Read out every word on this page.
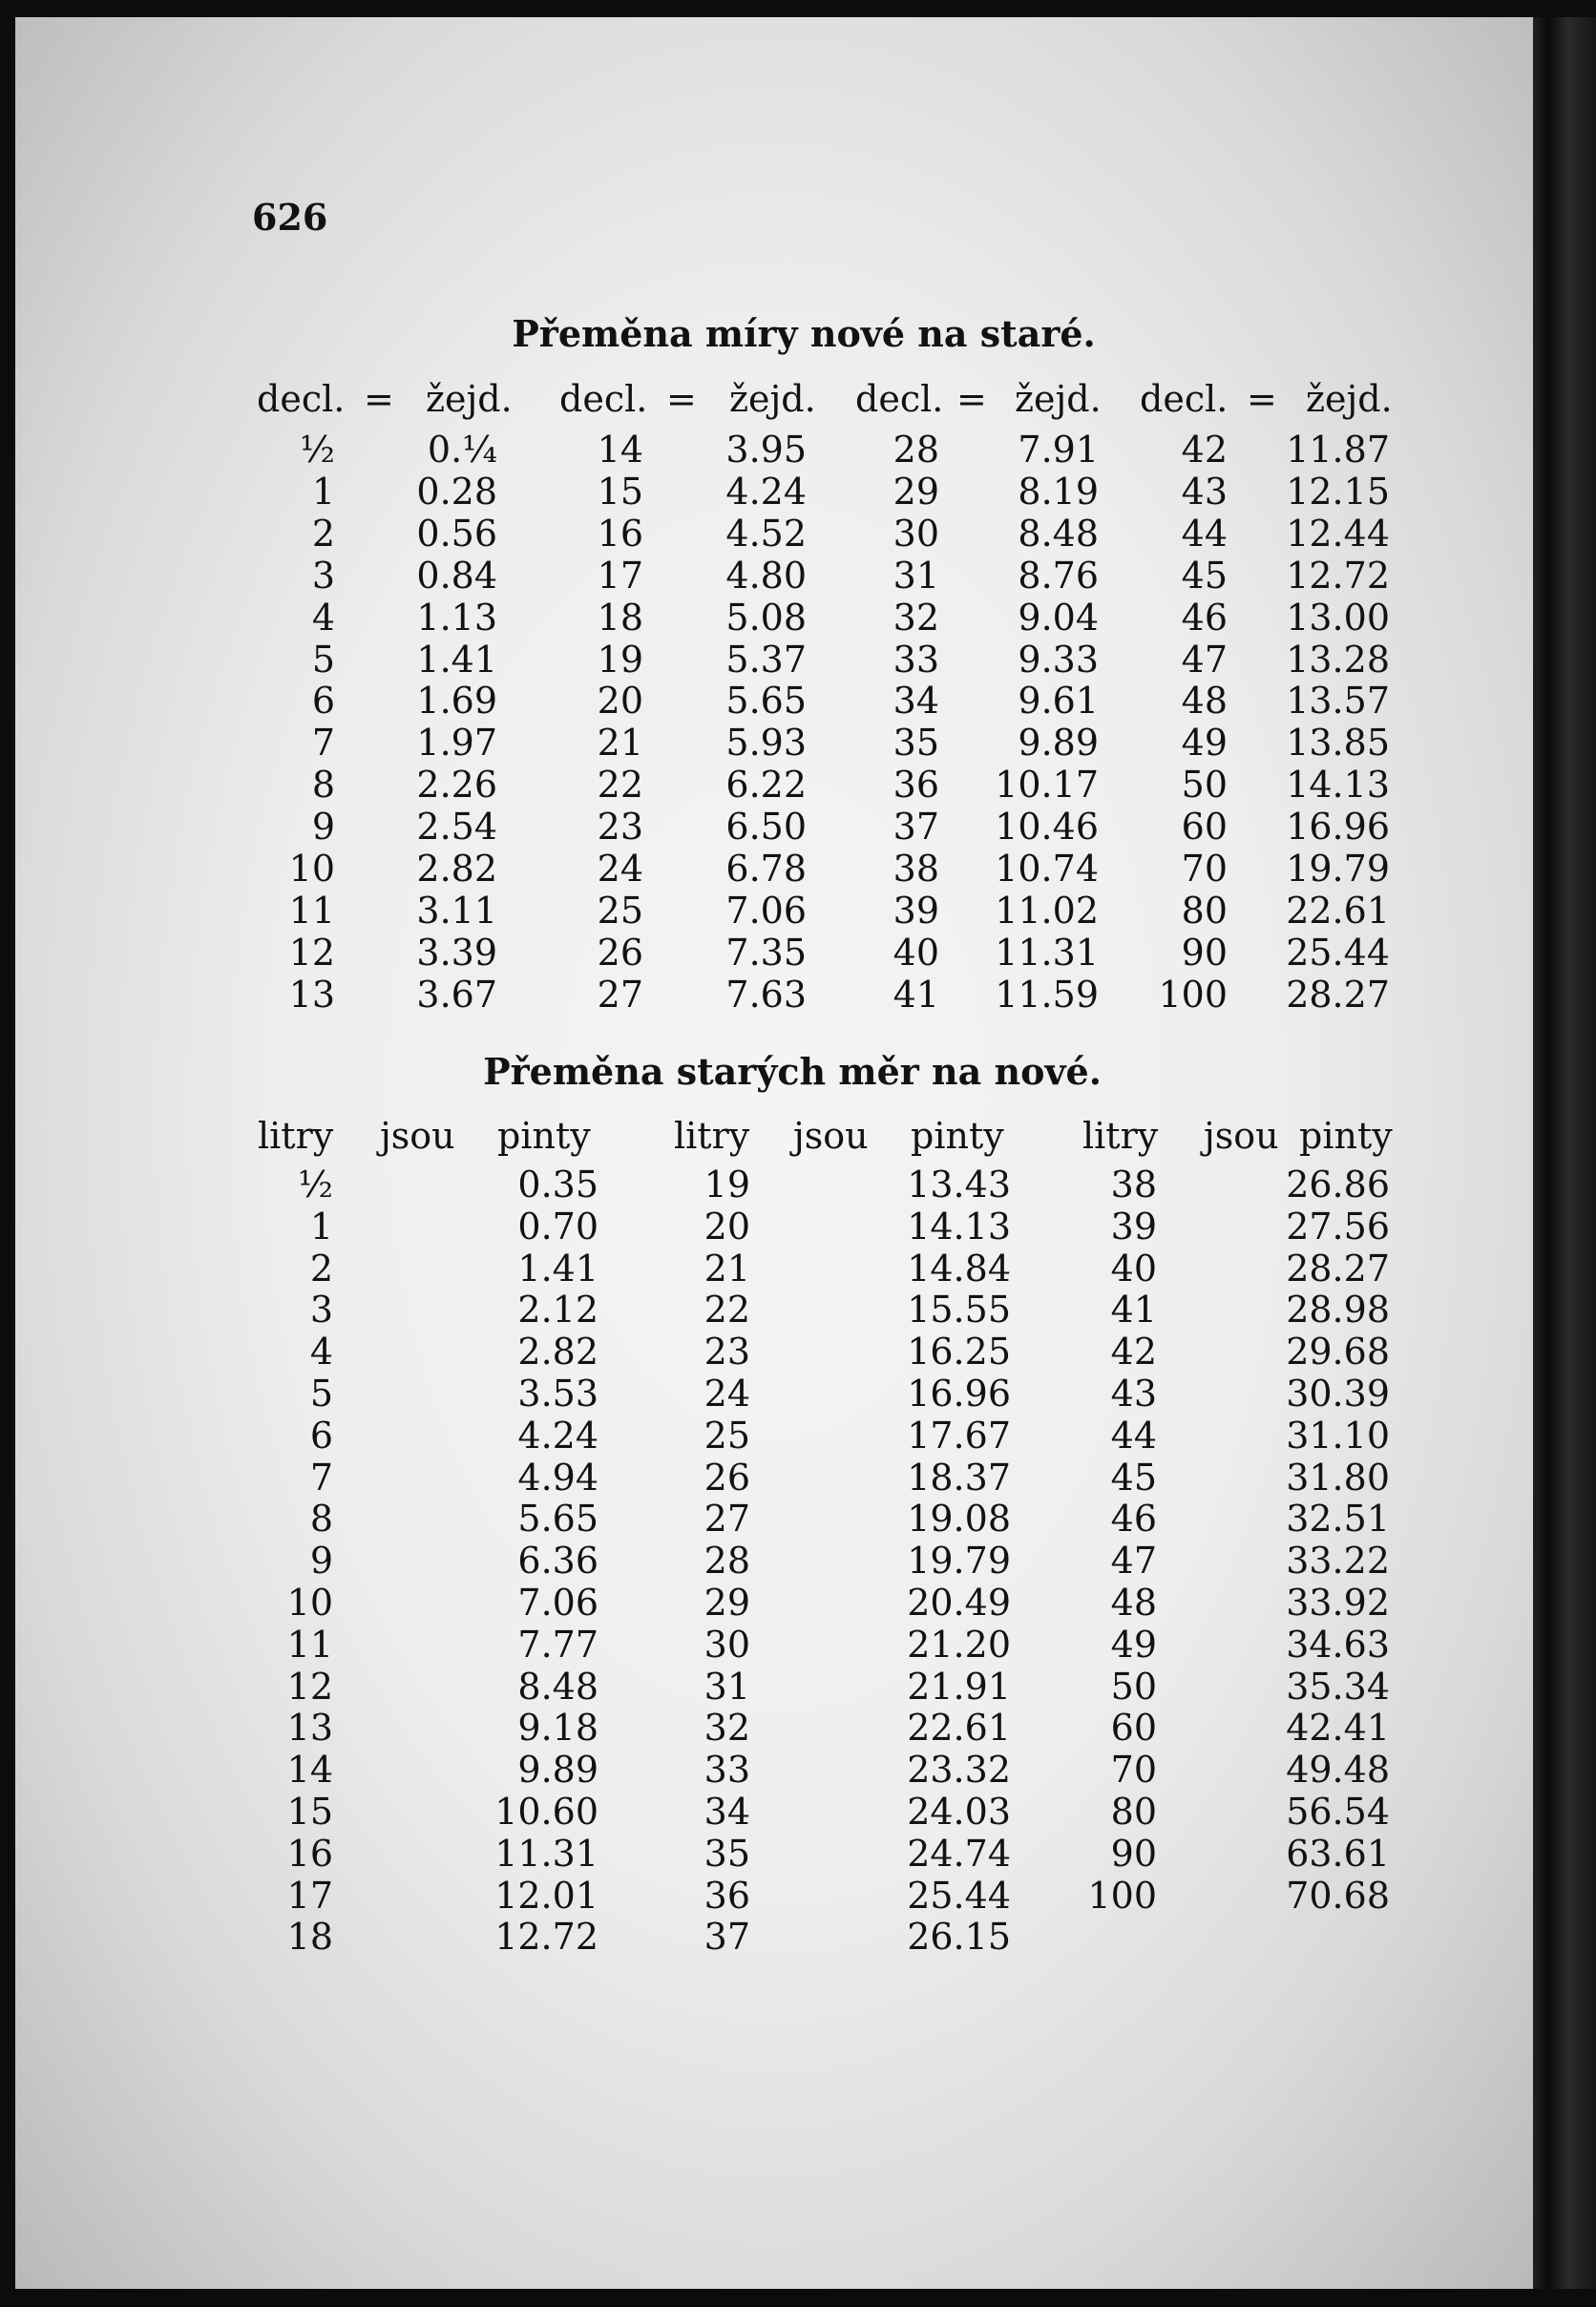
626
Přeměna míry nové na staré.
Přeměna starých měr na nové.
decl. = žejd.
½
1
2
3
4
5
6
7
8
9
10
11
12
13
0.¼
0.28
0.56
0.84
1.13
1.41
1.69
1.97
2.26
2.54
2.82
3.11
3.39
3.67
decl. = žejd.
14
15
16
17
18
19
20
21
22
23
24
25
26
27
3.95
4.24
4.52
4.80
5.08
5.37
5.65
5.93
6.22
6.50
6.78
7.06
7.35
7.63
decl. = žejd.
28
29
30
31
32
33
34
35
36
37
38
39
40
41
7.91
8.19
8.48
8.76
9.04
9.33
9.61
9.89
10.17
10.46
10.74
11.02
11.31
11.59
decl. = žejd.
42
43
44
45
46
47
48
49
50
60
70
80
90
100
11.87
12.15
12.44
12.72
13.00
13.28
13.57
13.85
14.13
16.96
19.79
22.61
25.44
28.27
litry jsou pinty
½
1
2
3
4
5
6
7
8
9
10
11
12
13
14
15
16
17
18
0.35
0.70
1.41
2.12
2.82
3.53
4.24
4.94
5.65
6.36
7.06
7.77
8.48
9.18
9.89
10.60
11.31
12.01
12.72
litry jsou pinty
19
20
21
22
23
24
25
26
27
28
29
30
31
32
33
34
35
36
37
13.43
14.13
14.84
15.55
16.25
16.96
17.67
18.37
19.08
19.79
20.49
21.20
21.91
22.61
23.32
24.03
24.74
25.44
26.15
litry jsou pinty
38
39
40
41
42
43
44
45
46
47
48
49
50
60
70
80
90
100
26.86
27.56
28.27
28.98
29.68
30.39
31.10
31.80
32.51
33.22
33.92
34.63
35.34
42.41
49.48
56.54
63.61
70.68
